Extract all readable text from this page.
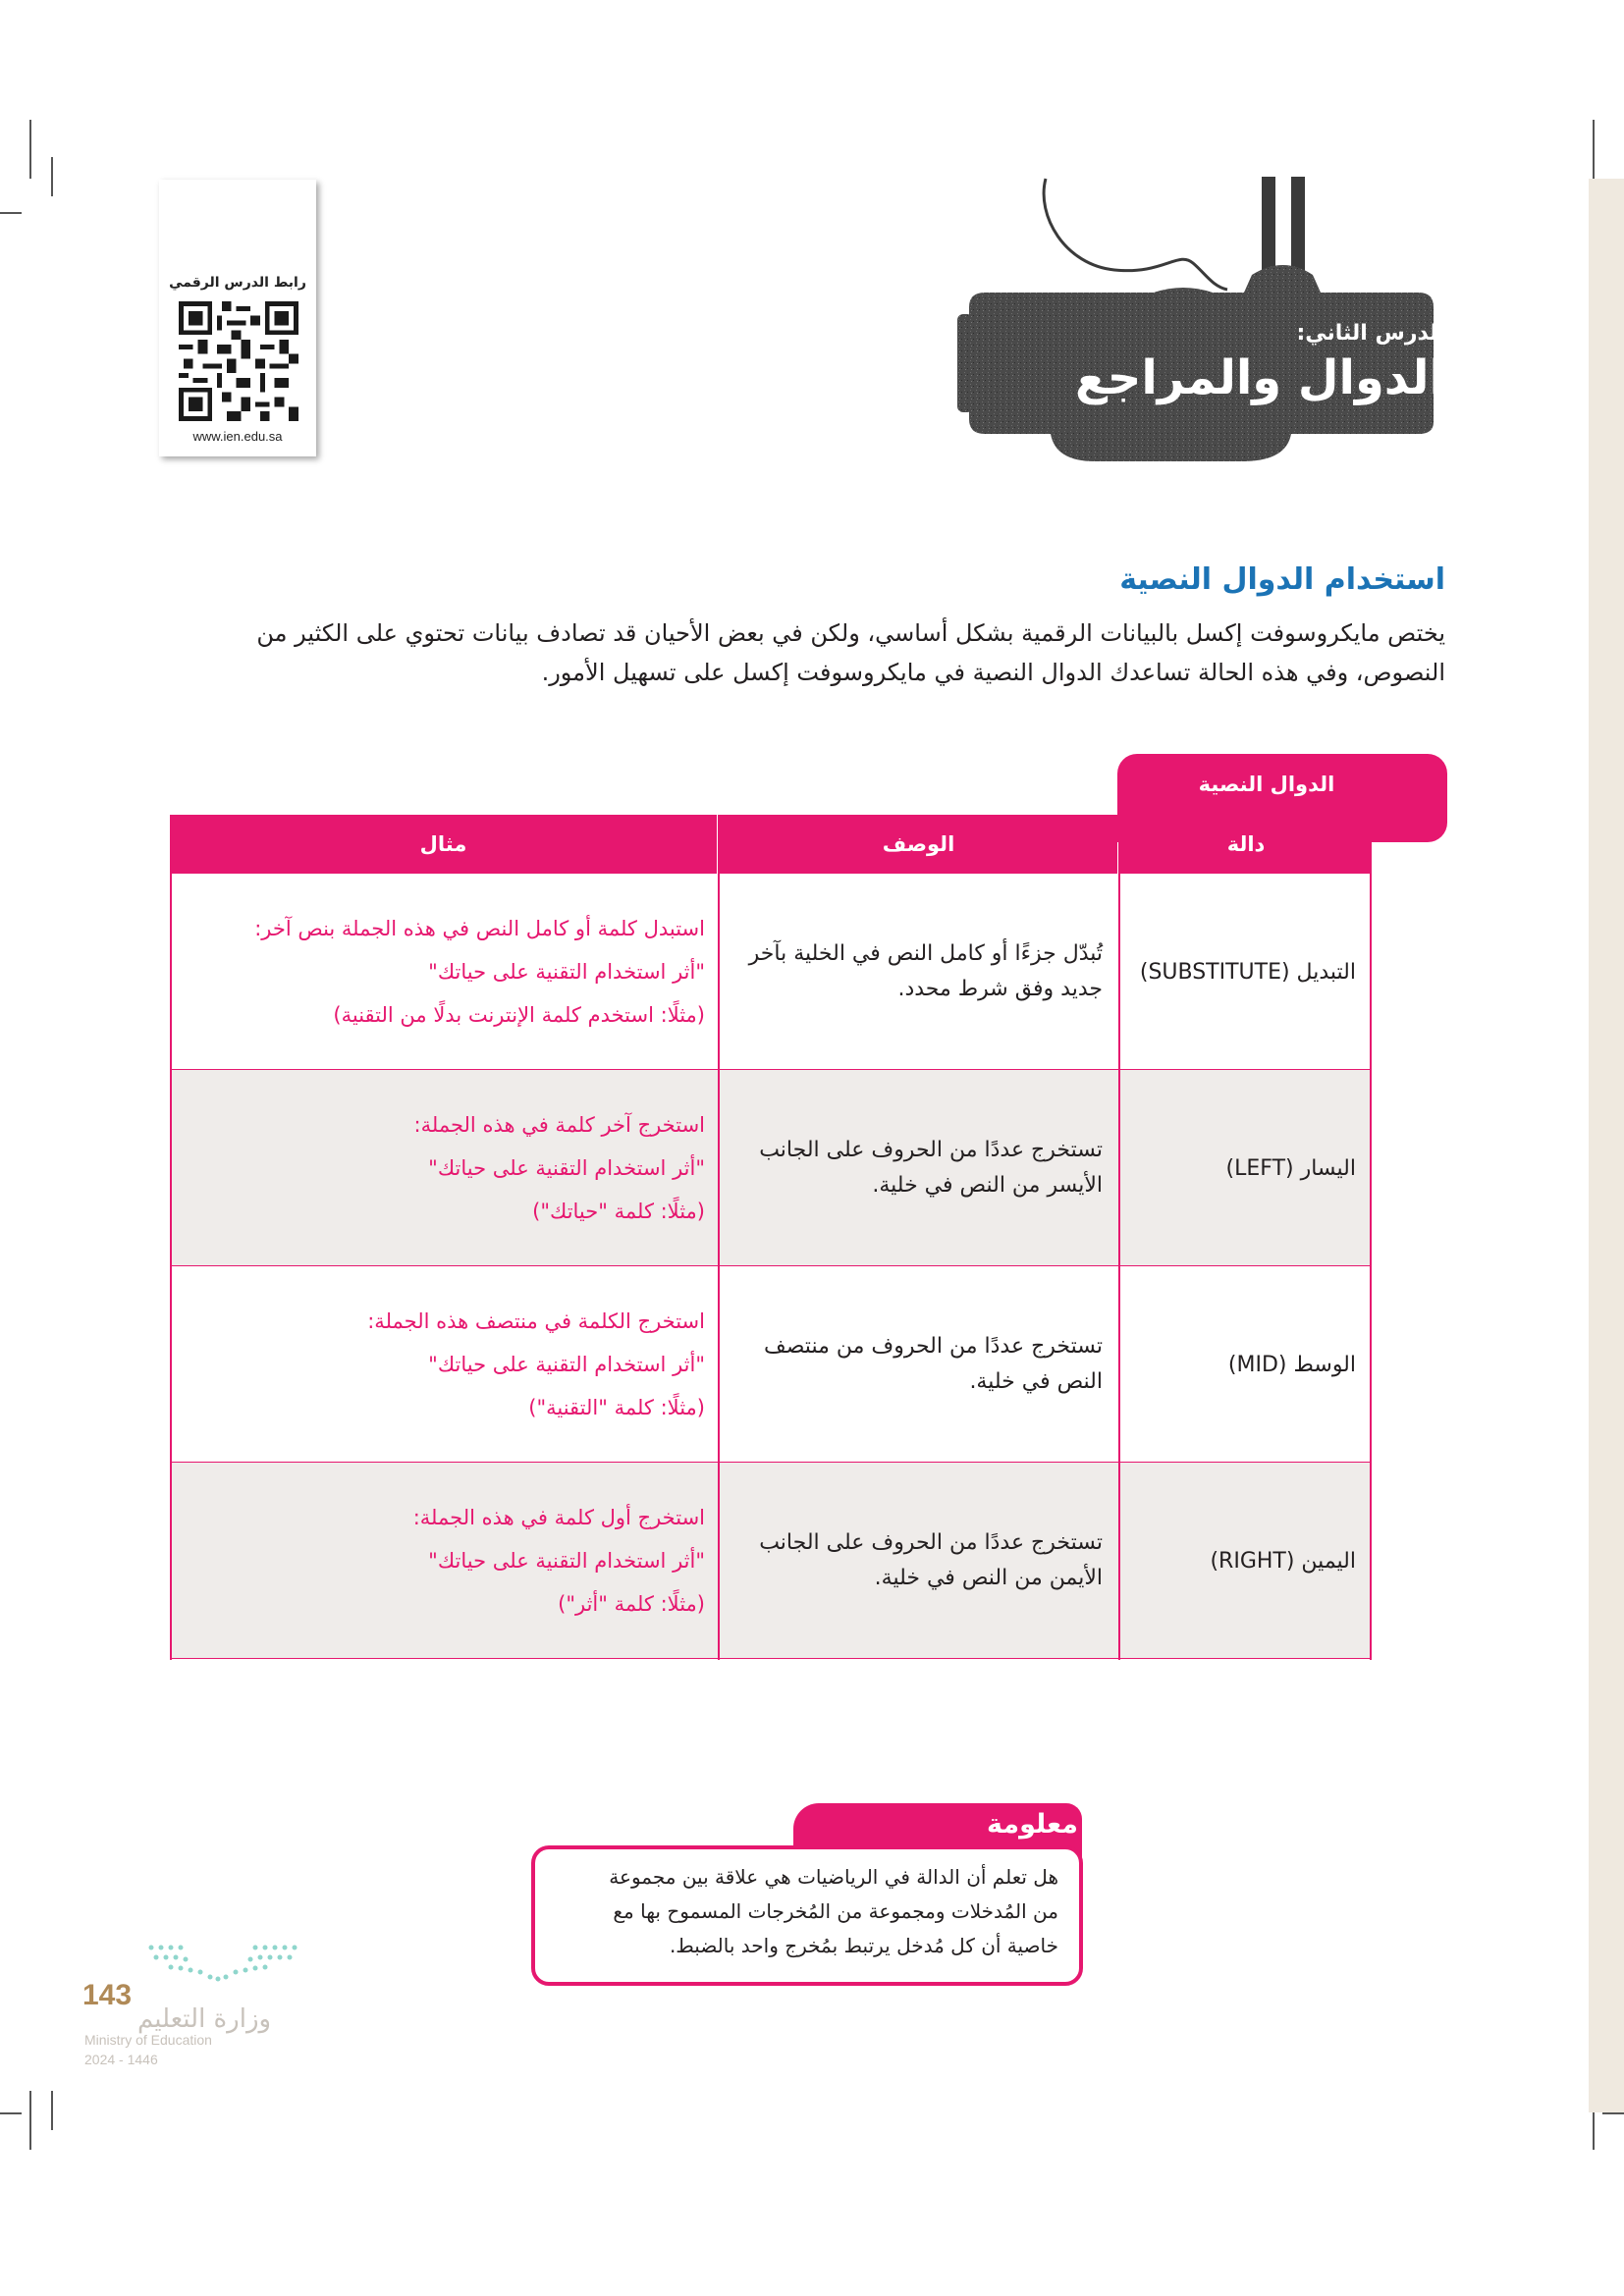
رابط الدرس الرقمي
www.ien.edu.sa
الدرس الثاني:
الدوال والمراجع
استخدام الدوال النصية
يختص مايكروسوفت إكسل بالبيانات الرقمية بشكل أساسي، ولكن في بعض الأحيان قد تصادف بيانات تحتوي على الكثير من
النصوص، وفي هذه الحالة تساعدك الدوال النصية في مايكروسوفت إكسل على تسهيل الأمور.
الدوال النصية
مثال	الوصف	دالة
التبديل (SUBSTITUTE)
تُبدّل جزءًا أو كامل النص في الخلية بآخر
جديد وفق شرط محدد.
استبدل كلمة أو كامل النص في هذه الجملة بنص آخر:
"أثر استخدام التقنية على حياتك"
(مثلًا: استخدم كلمة الإنترنت بدلًا من التقنية)
اليسار (LEFT)
تستخرج عددًا من الحروف على الجانب
الأيسر من النص في خلية.
استخرج آخر كلمة في هذه الجملة:
"أثر استخدام التقنية على حياتك"
(مثلًا: كلمة "حياتك")
الوسط (MID)
تستخرج عددًا من الحروف من منتصف
النص في خلية.
استخرج الكلمة في منتصف هذه الجملة:
"أثر استخدام التقنية على حياتك"
(مثلًا: كلمة "التقنية")
اليمين (RIGHT)
تستخرج عددًا من الحروف على الجانب
الأيمن من النص في خلية.
استخرج أول كلمة في هذه الجملة:
"أثر استخدام التقنية على حياتك"
(مثلًا: كلمة "أثر")
معلومة
هل تعلم أن الدالة في الرياضيات هي علاقة بين مجموعة
من المُدخلات ومجموعة من المُخرجات المسموح بها مع
خاصية أن كل مُدخل يرتبط بمُخرج واحد بالضبط.
143
وزارة التعليم
Ministry of Education
2024 - 1446
